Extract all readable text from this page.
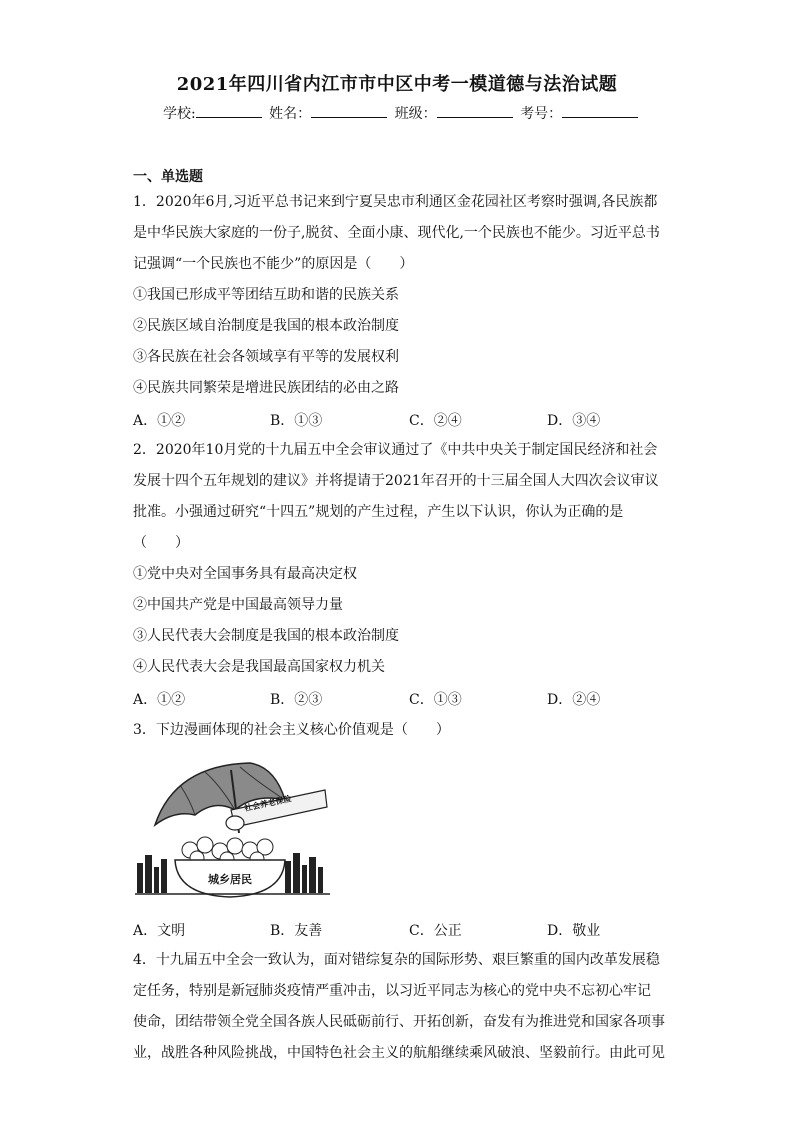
2021年四川省内江市市中区中考一模道德与法治试题
学校:	姓名：	班级：	考号：
一、单选题
1．2020年6月,习近平总书记来到宁夏吴忠市利通区金花园社区考察时强调,各民族都
是中华民族大家庭的一份子,脱贫、全面小康、现代化,一个民族也不能少。习近平总书
记强调“一个民族也不能少”的原因是（　　）
①我国已形成平等团结互助和谐的民族关系
②民族区域自治制度是我国的根本政治制度
③各民族在社会各领域享有平等的发展权利
④民族共同繁荣是增进民族团结的必由之路
A．①②	B．①③	C．②④	D．③④
2．2020年10月党的十九届五中全会审议通过了《中共中央关于制定国民经济和社会
发展十四个五年规划的建议》并将提请于2021年召开的十三届全国人大四次会议审议
批准。小强通过研究“十四五”规划的产生过程，产生以下认识，你认为正确的是
（　　）
①党中央对全国事务具有最高决定权
②中国共产党是中国最高领导力量
③人民代表大会制度是我国的根本政治制度
④人民代表大会是我国最高国家权力机关
A．①②	B．②③	C．①③	D．②④
3．下边漫画体现的社会主义核心价值观是（　　）
社会养老保险
城乡居民
A．文明	B．友善	C．公正	D．敬业
4．十九届五中全会一致认为，面对错综复杂的国际形势、艰巨繁重的国内改革发展稳
定任务，特别是新冠肺炎疫情严重冲击，以习近平同志为核心的党中央不忘初心牢记
使命，团结带领全党全国各族人民砥砺前行、开拓创新，奋发有为推进党和国家各项事
业，战胜各种风险挑战，中国特色社会主义的航船继续乘风破浪、坚毅前行。由此可见
